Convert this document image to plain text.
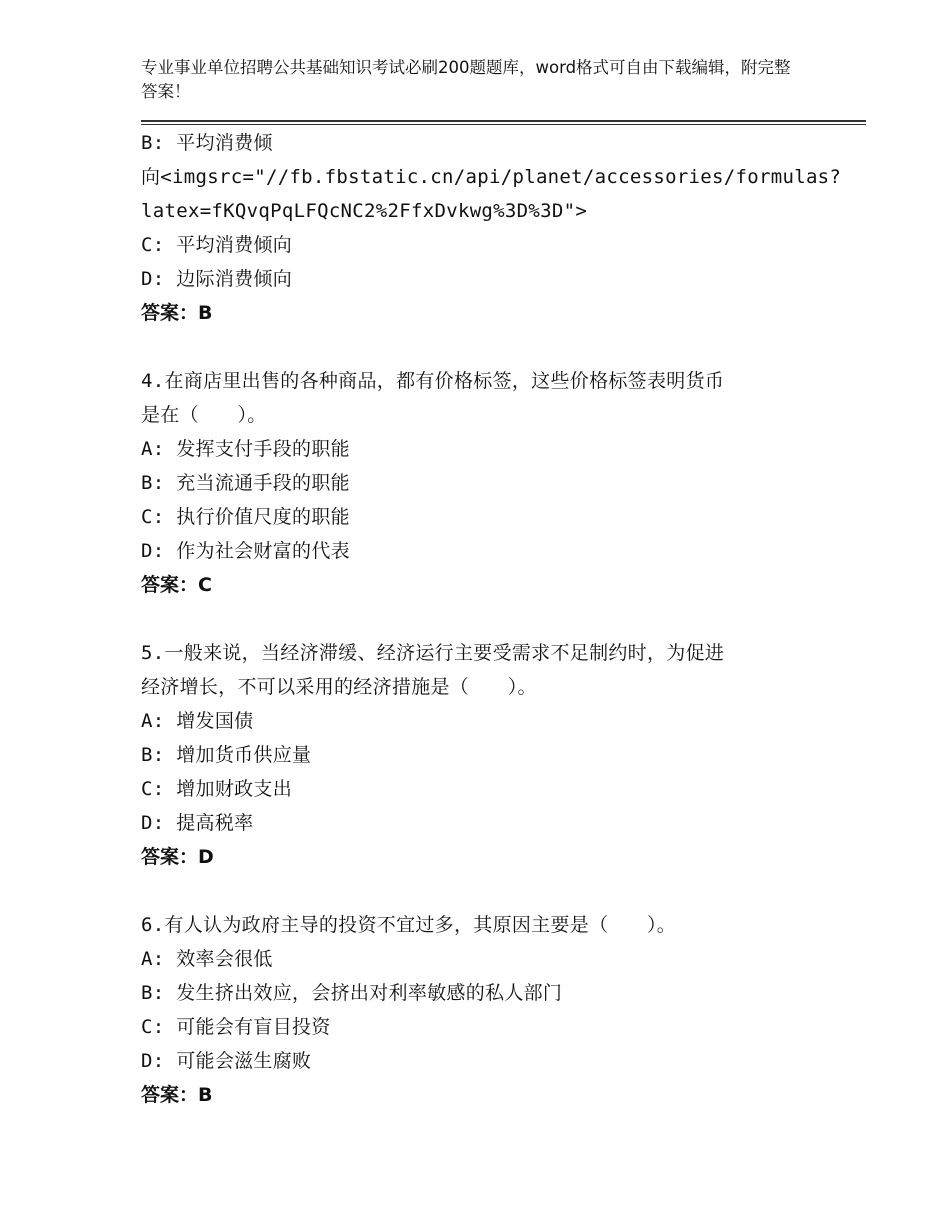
专业事业单位招聘公共基础知识考试必刷200题题库，word格式可自由下载编辑，附完整答案！
B: 平均消费倾
向<imgsrc="//fb.fbstatic.cn/api/planet/accessories/formulas?
latex=fKQvqPqLFQcNC2%2FfxDvkwg%3D%3D">
C: 平均消费倾向
D: 边际消费倾向
答案：B
4.在商店里出售的各种商品，都有价格标签，这些价格标签表明货币
是在（　　）。
A: 发挥支付手段的职能
B: 充当流通手段的职能
C: 执行价值尺度的职能
D: 作为社会财富的代表
答案：C
5.一般来说，当经济滞缓、经济运行主要受需求不足制约时，为促进
经济增长，不可以采用的经济措施是（　　）。
A: 增发国债
B: 增加货币供应量
C: 增加财政支出
D: 提高税率
答案：D
6.有人认为政府主导的投资不宜过多，其原因主要是（　　）。
A: 效率会很低
B: 发生挤出效应，会挤出对利率敏感的私人部门
C: 可能会有盲目投资
D: 可能会滋生腐败
答案：B
